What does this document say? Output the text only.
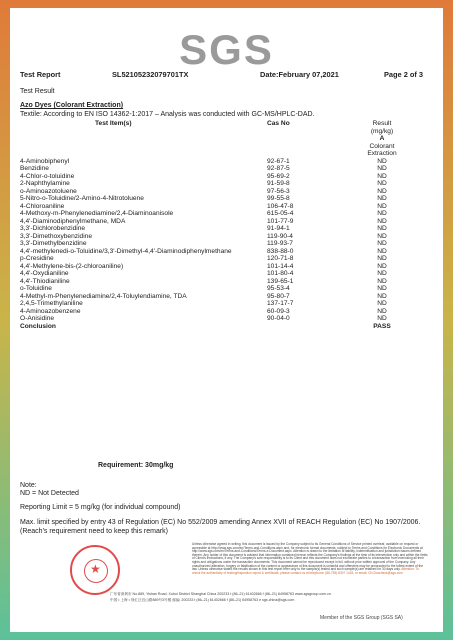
SGS
Test Report	SL52105232079701TX	Date:February 07,2021	Page 2 of 3
Test Result
Azo Dyes (Colorant Extraction)
Textile: According to EN ISO 14362-1:2017 – Analysis was conducted with GC-MS/HPLC-DAD.
Test Item(s)	Cas No	Result
(mg/kg)
A
Colorant
Extraction

4-Aminobiphenyl	92-67-1	ND
Benzidine	92-87-5	ND
4-Chlor-o-toluidine	95-69-2	ND
2-Naphthylamine	91-59-8	ND
o-Aminoazotoluene	97-56-3	ND
5-Nitro-o-Toluidine/2-Amino-4-Nitrotoluene	99-55-8	ND
4-Chloroaniline	106-47-8	ND
4-Methoxy-m-Phenylenediamine/2,4-Diaminoanisole	615-05-4	ND
4,4'-Diaminodiphenylmethane, MDA	101-77-9	ND
3,3'-Dichlorobenzidine	91-94-1	ND
3,3'-Dimethoxybenzidine	119-90-4	ND
3,3'-Dimethylbenzidine	119-93-7	ND
4,4'-methylenedi-o-Toluidine/3,3'-Dimethyl-4,4'-Diaminodiphenylmethane	838-88-0	ND
p-Cresidine	120-71-8	ND
4,4'-Methylene-bis-(2-chloroaniline)	101-14-4	ND
4,4'-Oxydianiline	101-80-4	ND
4,4'-Thiodianiline	139-65-1	ND
o-Toluidine	95-53-4	ND
4-Methyl-m-Phenylenediamine/2,4-Toluylendiamine, TDA	95-80-7	ND
2,4,5-Trimethylaniline	137-17-7	ND
4-Aminoazobenzene	60-09-3	ND
O-Anisidine	90-04-0	ND
Conclusion		PASS
Requirement: 30mg/kg
Note:
ND = Not Detected
Reporting Limit = 5 mg/kg (for individual compound)
Max. limit specified by entry 43 of Regulation (EC) No 552/2009 amending Annex XVII of REACH Regulation (EC) No 1907/2006. (Reach's requirement need to keep this remark)
★
Unless otherwise agreed in writing, this document is issued by the Company subject to its General Conditions of Service printed overleaf, available on request or accessible at http://www.sgs.com/en/Terms-and-Conditions.aspx and, for electronic format documents, subject to Terms and Conditions for Electronic Documents at http://www.sgs.com/en/Terms-and-Conditions/Terms-e-Document.aspx. Attention is drawn to the limitation of liability, indemnification and jurisdiction issues defined therein. Any holder of this document is advised that information contained hereon reflects the Company's findings at the time of its intervention only and within the limits of Client's instructions, if any. The Company's sole responsibility is to its Client and this document does not exonerate parties to a transaction from exercising all their rights and obligations under the transaction documents. This document cannot be reproduced except in full, without prior written approval of the Company. Any unauthorized alteration, forgery or falsification of the content or appearance of this document is unlawful and offenders may be prosecuted to the fullest extent of the law. Unless otherwise stated the results shown in this test report refer only to the sample(s) tested and such sample(s) are retained for 30 days only. Attention: To check the authenticity of testing/inspection report & certificate, please contact us at telephone: (86-755) 8307 1443, or email: CN.Doccheck@sgs.com
广东省深圳市 No.889, Yishan Road, Xuhui District Shanghai China 200233 t (86–21) 61402666 f (86–21) 64958763 www.sgsgroup.com.cn
中国 • 上海 • 徐汇区宜山路889号3号楼 邮编: 200233 t (86–21) 61402666 f (86–21) 64958763 e sgs.china@sgs.com
Member of the SGS Group (SGS SA)
